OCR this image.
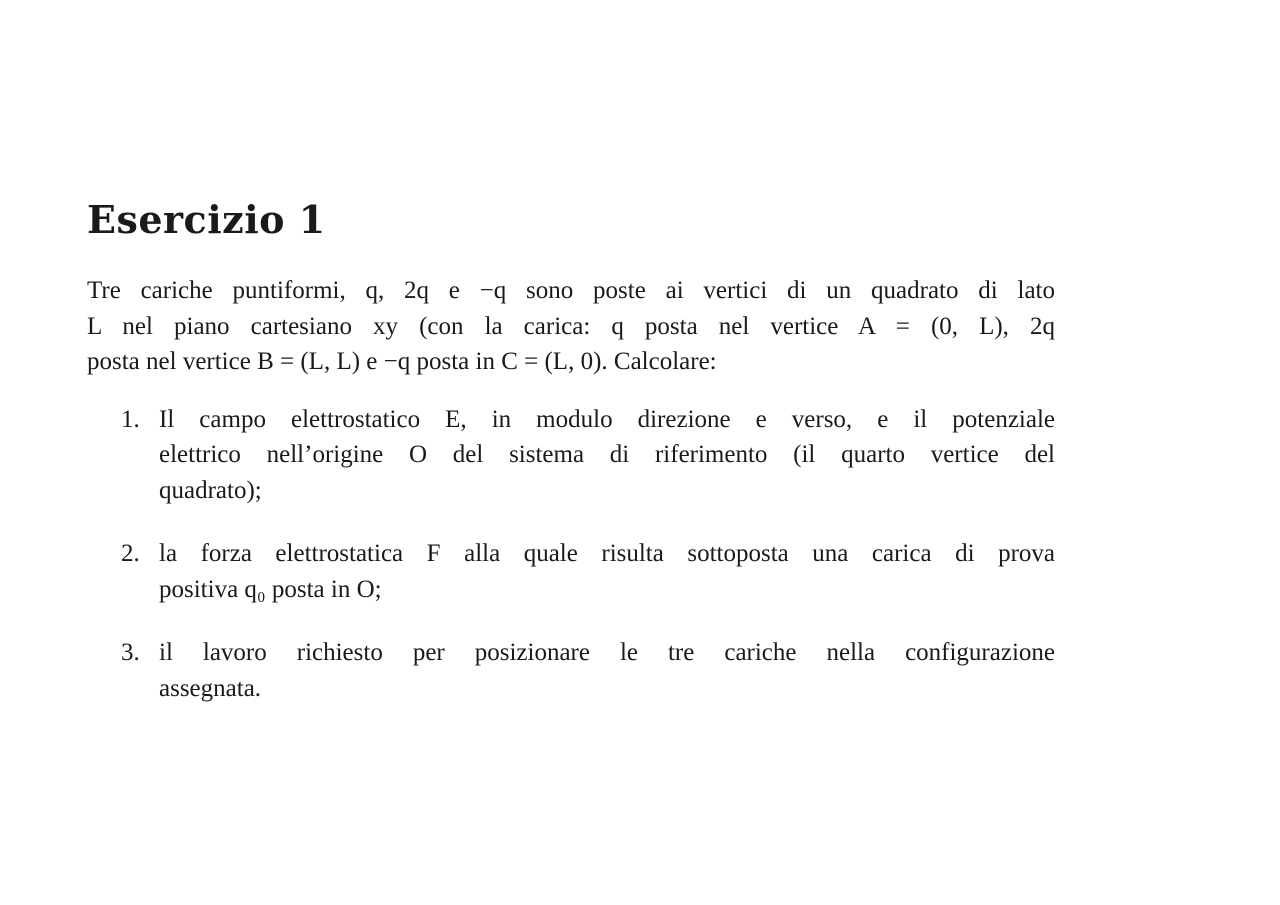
Esercizio 1
Tre cariche puntiformi, q, 2q e −q sono poste ai vertici di un quadrato di lato
L nel piano cartesiano xy (con la carica: q posta nel vertice A = (0, L), 2q
posta nel vertice B = (L, L) e −q posta in C = (L, 0). Calcolare:
1. Il campo elettrostatico E, in modulo direzione e verso, e il potenziale
elettrico nell’origine O del sistema di riferimento (il quarto vertice del
quadrato);
2. la forza elettrostatica F alla quale risulta sottoposta una carica di prova
positiva q₀ posta in O;
3. il lavoro richiesto per posizionare le tre cariche nella configurazione
assegnata.
